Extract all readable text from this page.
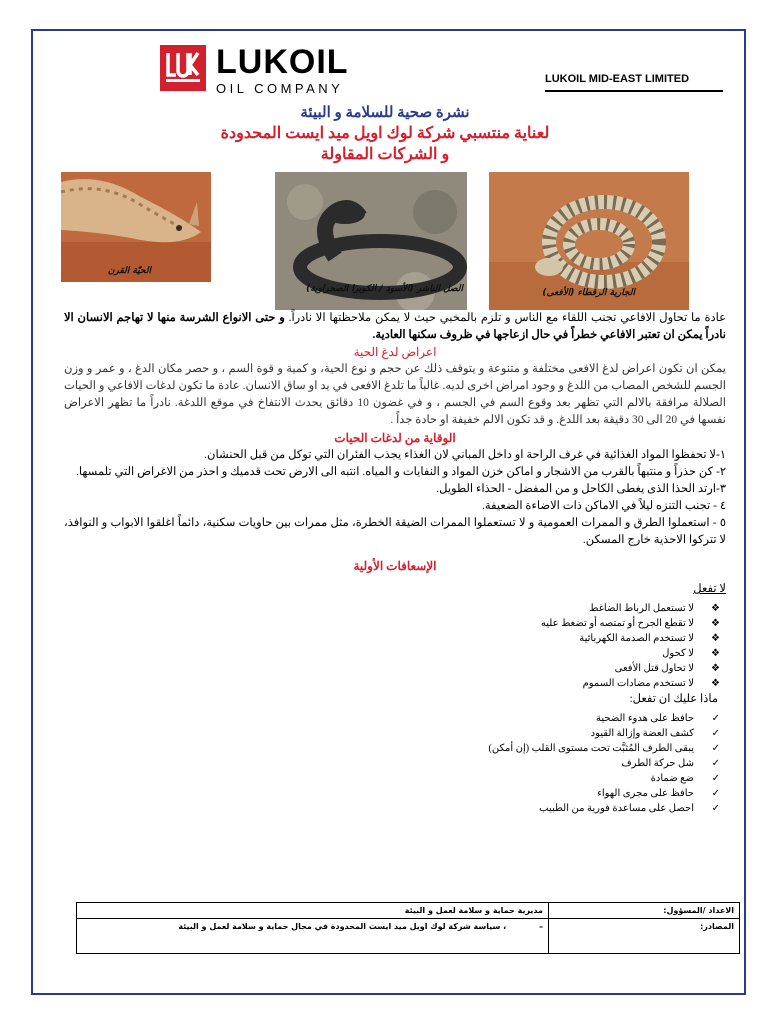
LUKOIL
OIL COMPANY
LUKOIL MID-EAST LIMITED
نشرة صحية للسلامة و البيئة
لعناية منتسبي شركة لوك اويل ميد ايست المحدودة
و الشركات المقاولة
الحيّة القرن
الصل الناشر (الأسود / الكوبرا الصحراوية)	الجارية الرقطاء (الأفعى)

عادة ما تحاول الافاعي تجنب اللقاء مع الناس و تلزم بالمخبي حيث لا يمكن ملاحظتها الا نادراً. و حتى الانواع الشرسة منها لا تهاجم الانسان الا نادراً يمكن ان تعتبر الافاعي خطراً في حال ازعاجها في ظروف سكنها العادية.

اعراض لدغ الحية

يمكن ان تكون اعراض لدغ الافعى مختلفة و متنوعة و يتوقف ذلك عن حجم و نوع الحية، و كمية و قوة السم ، و حصر مكان الدغ ، و عمر و وزن الجسم للشخص المصاب من اللدغ و وجود امراض اخرى لديه. غالباً ما تلدغ الافعى في يد او ساق الانسان. عادة ما تكون لدغات الافاعي و الحيات الصلالة مرافقة بالالم التي تظهر بعد وقوع السم في الجسم ، و في غضون 10 دقائق يحدث الانتفاخ في موقع اللدغة. نادراً ما تظهر الاعراض نفسها في 20 الى 30 دقيقة بعد اللدغ. و قد تكون الالم خفيفة او حادة جداً .

الوقاية من لدغات الحيات

١-لا تحفظوا المواد الغذائية في غرف الراحة او داخل المباني لان الغذاء يجذب الفئران التي توكل من قبل الحنشان.

٢- كن حذراً و منتبهاً بالقرب من الاشجار و اماكن خزن المواد و النفايات و المياه. انتبه الى الارض تحت قدميك و احذر من الاغراض التي تلمسها.

٣-ارتد الحذا الذى يغطى الكاحل و من المفضل - الحذاء الطويل.

٤ - تجنب التنزه ليلاً في الاماكن ذات الاضاءة الضعيفة.

٥ - استعملوا الطرق و الممرات العمومية و لا تستعملوا الممرات الضيقة الخطرة، مثل ممرات بين حاويات سكنية، دائماً اغلقوا الابواب و النوافذ، لا تتركوا الاحذية خارج المسكن.

الإسعافات الأولية

لا تفعل

❖
لا تستعمل الرباط الضاغط
❖
لا تقطع الجرح أو تمتصه أو تضغط عليه
❖
لا تستخدم الصدمة الكهربائية
❖
لا كحول
❖
لا تحاول قتل الأفعى
❖
لا تستخدم مضادات السموم

ماذا عليك ان تفعل:

✓
حافظ على هدوء الضحية
✓
كشف العضة وإزالة القيود
✓
يبقى الطرف المُثبَّت تحت مستوى القلب (إن أمكن)
✓
شل حركة الطرف
✓
ضع ضمادة
✓
حافظ على مجرى الهواء
✓
احصل على مساعدة فورية من الطبيب
الاعداد /المسؤول:	مديرية حماية و سلامة لعمل و البيئة
المصادر:	– ، سياسة شركة لوك اويل ميد ايست المحدودة في مجال حماية و سلامة لعمل و البيئة
